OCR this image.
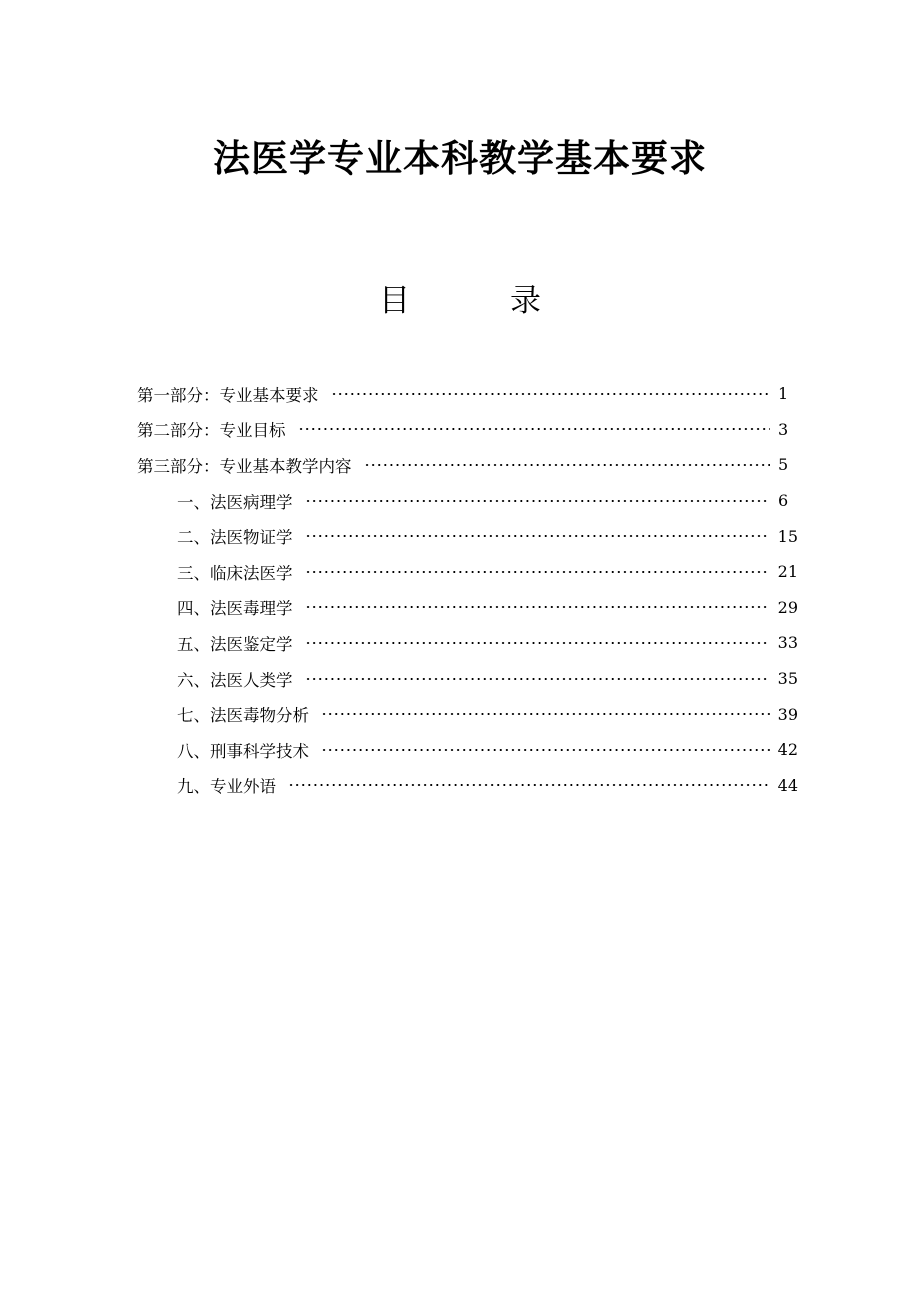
法医学专业本科教学基本要求
目	录
第一部分：专业基本要求	1
第二部分：专业目标	3
第三部分：专业基本教学内容	5
一、法医病理学	6
二、法医物证学	15
三、临床法医学	21
四、法医毒理学	29
五、法医鉴定学	33
六、法医人类学	35
七、法医毒物分析	39
八、刑事科学技术	42
九、专业外语	44
